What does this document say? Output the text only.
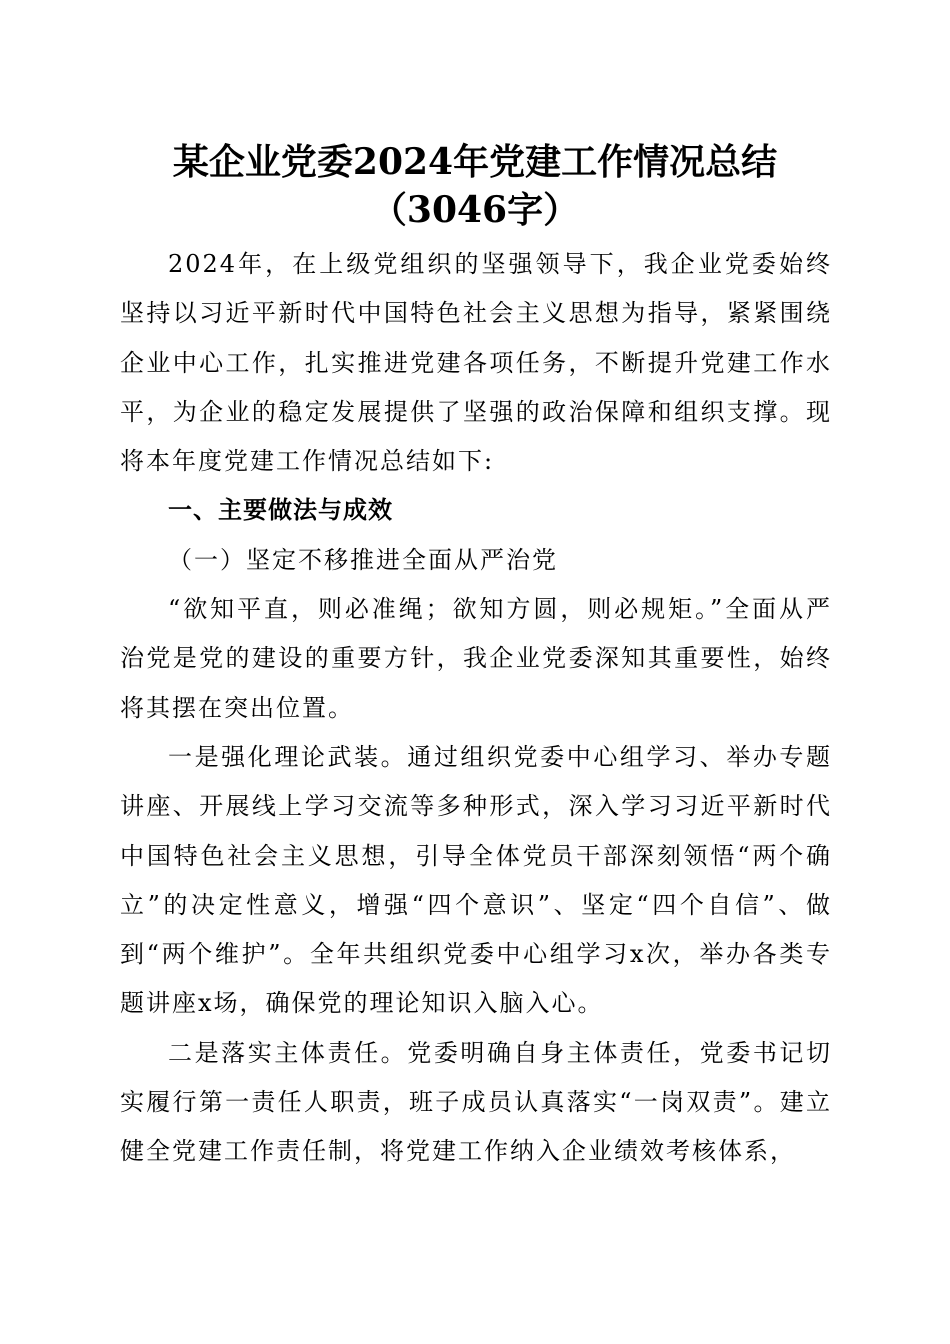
某企业党委2024年党建工作情况总结（3046字）

2024年，在上级党组织的坚强领导下，我企业党委始终坚持以习近平新时代中国特色社会主义思想为指导，紧紧围绕企业中心工作，扎实推进党建各项任务，不断提升党建工作水平，为企业的稳定发展提供了坚强的政治保障和组织支撑。现将本年度党建工作情况总结如下:

一、主要做法与成效

（一）坚定不移推进全面从严治党

“欲知平直，则必准绳；欲知方圆，则必规矩。”全面从严治党是党的建设的重要方针，我企业党委深知其重要性，始终将其摆在突出位置。

一是强化理论武装。通过组织党委中心组学习、举办专题讲座、开展线上学习交流等多种形式，深入学习习近平新时代中国特色社会主义思想，引导全体党员干部深刻领悟“两个确立”的决定性意义，增强“四个意识”、坚定“四个自信”、做到“两个维护”。全年共组织党委中心组学习x次，举办各类专题讲座x场，确保党的理论知识入脑入心。

二是落实主体责任。党委明确自身主体责任，党委书记切实履行第一责任人职责，班子成员认真落实“一岗双责”。建立健全党建工作责任制，将党建工作纳入企业绩效考核体系，
